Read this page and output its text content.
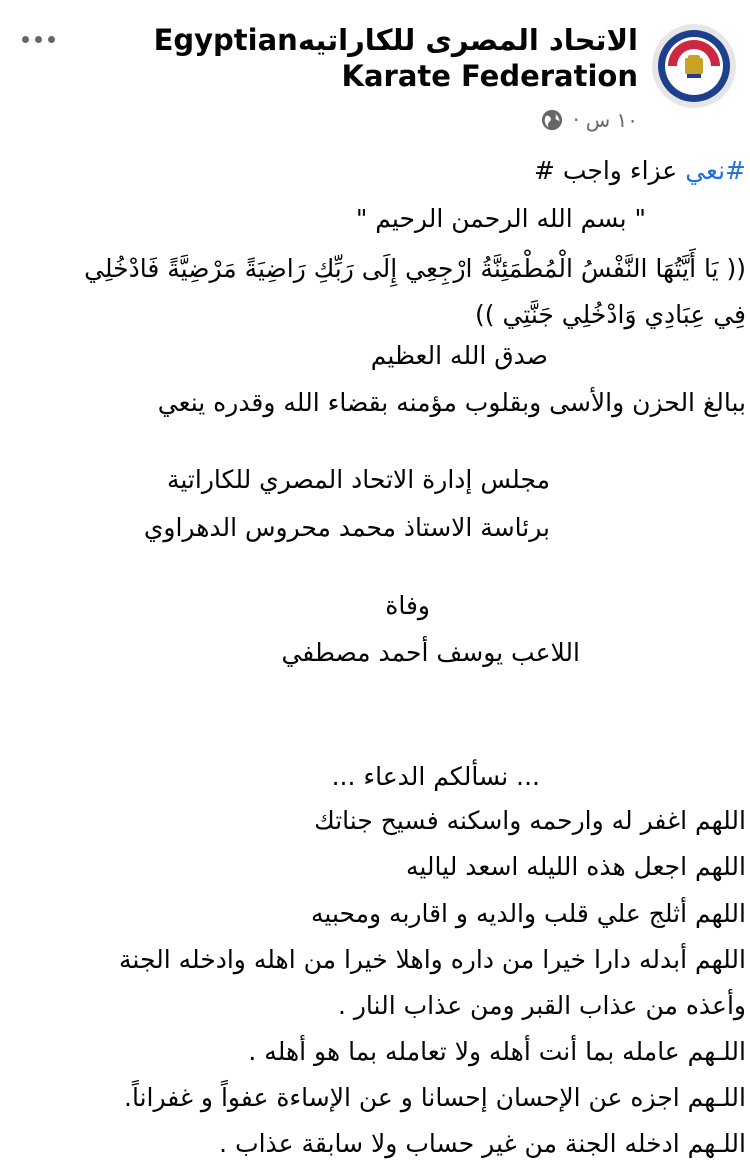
الاتحاد المصرى للكاراتيهEgyptian Karate Federation
١٠ س ·
#نعي عزاء واجب #
" بسم الله الرحمن الرحيم "
(( يَا أَيَّتُهَا النَّفْسُ الْمُطْمَئِنَّةُ ارْجِعِي إِلَى رَبِّكِ رَاضِيَةً مَرْضِيَّةً فَادْخُلِي
فِي عِبَادِي وَادْخُلِي جَنَّتِي ))
صدق الله العظيم
ببالغ الحزن والأسى وبقلوب مؤمنه بقضاء الله وقدره ينعي
مجلس إدارة الاتحاد المصري للكاراتية
برئاسة الاستاذ محمد محروس الدهراوي
وفاة
اللاعب يوسف أحمد مصطفي
... نسألكم الدعاء ...
اللهم اغفر له وارحمه واسكنه فسيح جناتك
اللهم اجعل هذه الليله اسعد لياليه
اللهم أثلج علي قلب والديه و اقاربه ومحبيه
اللهم أبدله دارا خيرا من داره واهلا خيرا من اهله وادخله الجنة
وأعذه من عذاب القبر ومن عذاب النار .
اللـهم عامله بما أنت أهله ولا تعامله بما هو أهله .
اللـهم اجزه عن الإحسان إحسانا و عن الإساءة عفواً و غفراناً.
اللـهم ادخله الجنة من غير حساب ولا سابقة عذاب .
